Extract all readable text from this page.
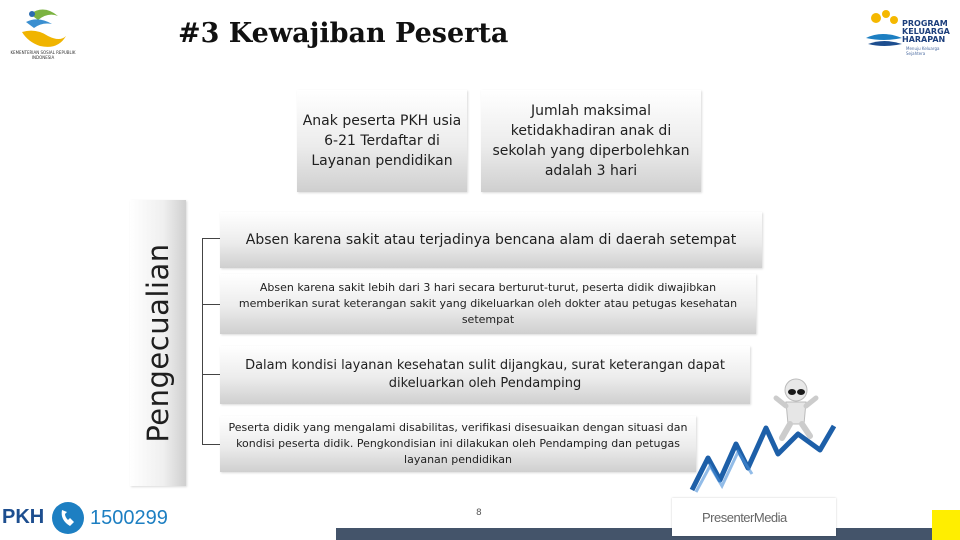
KEMENTERIAN SOSIAL REPUBLIK INDONESIA
#3 Kewajiban Peserta	PROGRAM KELUARGA HARAPAN
Menuju Keluarga Sejahtera
Anak peserta PKH usia 6-21 Terdaftar di Layanan pendidikan
Jumlah maksimal ketidakhadiran anak di sekolah yang diperbolehkan adalah 3 hari
Pengecualian
Absen karena sakit atau terjadinya bencana alam di daerah setempat
Absen karena sakit lebih dari 3 hari secara berturut-turut, peserta didik diwajibkan memberikan surat keterangan sakit yang dikeluarkan oleh dokter atau petugas kesehatan setempat
Dalam kondisi layanan kesehatan sulit dijangkau, surat keterangan dapat dikeluarkan oleh Pendamping
Peserta didik yang mengalami disabilitas, verifikasi disesuaikan dengan situasi dan kondisi peserta didik. Pengkondisian ini dilakukan oleh Pendamping dan petugas layanan pendidikan
8
PKH 1500299	PresenterMedia
